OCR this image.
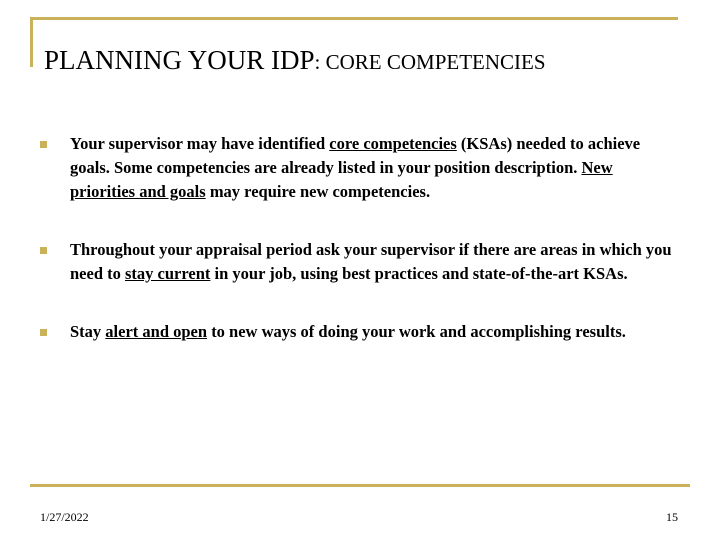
PLANNING YOUR IDP: CORE COMPETENCIES
Your supervisor may have identified core competencies (KSAs) needed to achieve goals. Some competencies are already listed in your position description. New priorities and goals may require new competencies.
Throughout your appraisal period ask your supervisor if there are areas in which you need to stay current in your job, using best practices and state-of-the-art KSAs.
Stay alert and open to new ways of doing your work and accomplishing results.
1/27/2022	15
